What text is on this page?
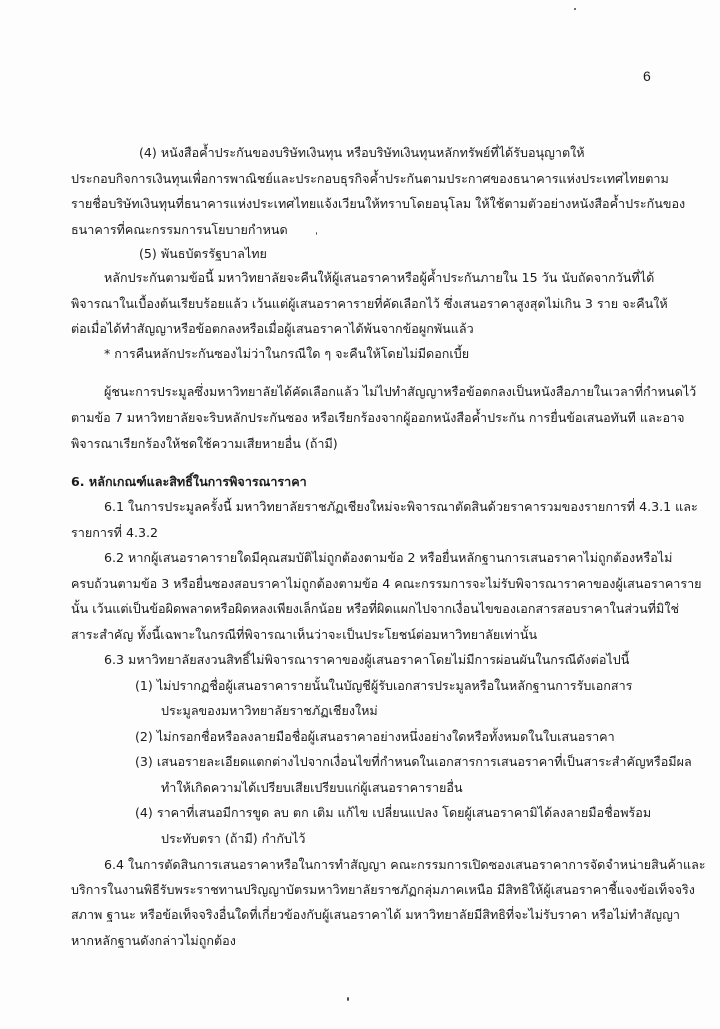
6
(4) หนังสือค้ำประกันของบริษัทเงินทุน หรือบริษัทเงินทุนหลักทรัพย์ที่ได้รับอนุญาตให้
ประกอบกิจการเงินทุนเพื่อการพาณิชย์และประกอบธุรกิจค้ำประกันตามประกาศของธนาคารแห่งประเทศไทยตาม
รายชื่อบริษัทเงินทุนที่ธนาคารแห่งประเทศไทยแจ้งเวียนให้ทราบโดยอนุโลม ให้ใช้ตามตัวอย่างหนังสือค้ำประกันของ
ธนาคารที่คณะกรรมการนโยบายกำหนด
(5) พันธบัตรรัฐบาลไทย
หลักประกันตามข้อนี้ มหาวิทยาลัยจะคืนให้ผู้เสนอราคาหรือผู้ค้ำประกันภายใน 15 วัน นับถัดจากวันที่ได้
พิจารณาในเบื้องต้นเรียบร้อยแล้ว เว้นแต่ผู้เสนอราคารายที่คัดเลือกไว้ ซึ่งเสนอราคาสูงสุดไม่เกิน 3 ราย จะคืนให้
ต่อเมื่อได้ทำสัญญาหรือข้อตกลงหรือเมื่อผู้เสนอราคาได้พ้นจากข้อผูกพันแล้ว
* การคืนหลักประกันซองไม่ว่าในกรณีใด ๆ จะคืนให้โดยไม่มีดอกเบี้ย
ผู้ชนะการประมูลซึ่งมหาวิทยาลัยได้คัดเลือกแล้ว ไม่ไปทำสัญญาหรือข้อตกลงเป็นหนังสือภายในเวลาที่กำหนดไว้
ตามข้อ 7 มหาวิทยาลัยจะริบหลักประกันซอง หรือเรียกร้องจากผู้ออกหนังสือค้ำประกัน การยื่นข้อเสนอทันที และอาจ
พิจารณาเรียกร้องให้ชดใช้ความเสียหายอื่น (ถ้ามี)
6. หลักเกณฑ์และสิทธิ์ในการพิจารณาราคา
6.1 ในการประมูลครั้งนี้ มหาวิทยาลัยราชภัฏเชียงใหม่จะพิจารณาตัดสินด้วยราคารวมของรายการที่ 4.3.1 และ
รายการที่ 4.3.2
6.2 หากผู้เสนอราคารายใดมีคุณสมบัติไม่ถูกต้องตามข้อ 2 หรือยื่นหลักฐานการเสนอราคาไม่ถูกต้องหรือไม่
ครบถ้วนตามข้อ 3 หรือยื่นซองสอบราคาไม่ถูกต้องตามข้อ 4 คณะกรรมการจะไม่รับพิจารณาราคาของผู้เสนอราคาราย
นั้น เว้นแต่เป็นข้อผิดพลาดหรือผิดหลงเพียงเล็กน้อย หรือที่ผิดแผกไปจากเงื่อนไขของเอกสารสอบราคาในส่วนที่มิใช่
สาระสำคัญ ทั้งนี้เฉพาะในกรณีที่พิจารณาเห็นว่าจะเป็นประโยชน์ต่อมหาวิทยาลัยเท่านั้น
6.3 มหาวิทยาลัยสงวนสิทธิ์ไม่พิจารณาราคาของผู้เสนอราคาโดยไม่มีการผ่อนผันในกรณีดังต่อไปนี้
(1) ไม่ปรากฏชื่อผู้เสนอราคารายนั้นในบัญชีผู้รับเอกสารประมูลหรือในหลักฐานการรับเอกสาร
ประมูลของมหาวิทยาลัยราชภัฏเชียงใหม่
(2) ไม่กรอกชื่อหรือลงลายมือชื่อผู้เสนอราคาอย่างหนึ่งอย่างใดหรือทั้งหมดในใบเสนอราคา
(3) เสนอรายละเอียดแตกต่างไปจากเงื่อนไขที่กำหนดในเอกสารการเสนอราคาที่เป็นสาระสำคัญหรือมีผล
ทำให้เกิดความได้เปรียบเสียเปรียบแก่ผู้เสนอราคารายอื่น
(4) ราคาที่เสนอมีการขูด ลบ ตก เติม แก้ไข เปลี่ยนแปลง โดยผู้เสนอราคามิได้ลงลายมือชื่อพร้อม
ประทับตรา (ถ้ามี) กำกับไว้
6.4 ในการตัดสินการเสนอราคาหรือในการทำสัญญา คณะกรรมการเปิดซองเสนอราคาการจัดจำหน่ายสินค้าและ
บริการในงานพิธีรับพระราชทานปริญญาบัตรมหาวิทยาลัยราชภัฏกลุ่มภาคเหนือ มีสิทธิให้ผู้เสนอราคาชี้แจงข้อเท็จจริง
สภาพ ฐานะ หรือข้อเท็จจริงอื่นใดที่เกี่ยวข้องกับผู้เสนอราคาได้ มหาวิทยาลัยมีสิทธิที่จะไม่รับราคา หรือไม่ทำสัญญา
หากหลักฐานดังกล่าวไม่ถูกต้อง
